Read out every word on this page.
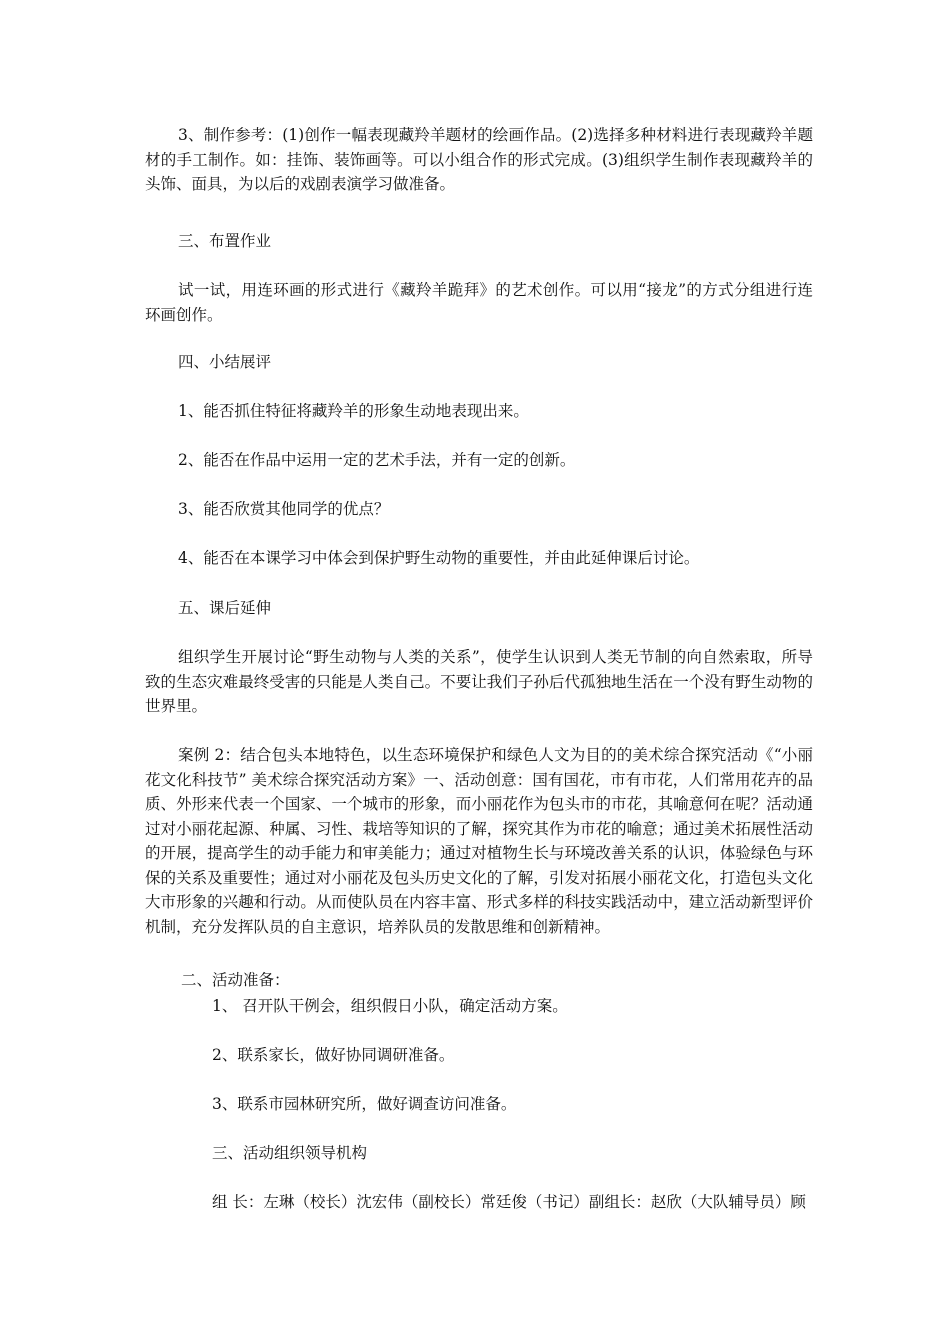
3、制作参考：(1)创作一幅表现藏羚羊题材的绘画作品。(2)选择多种材料进行表现藏羚羊题材的手工制作。如：挂饰、装饰画等。可以小组合作的形式完成。(3)组织学生制作表现藏羚羊的头饰、面具，为以后的戏剧表演学习做准备。

三、布置作业

试一试，用连环画的形式进行《藏羚羊跪拜》的艺术创作。可以用“接龙”的方式分组进行连环画创作。

四、小结展评

1、能否抓住特征将藏羚羊的形象生动地表现出来。

2、能否在作品中运用一定的艺术手法，并有一定的创新。

3、能否欣赏其他同学的优点？

4、能否在本课学习中体会到保护野生动物的重要性，并由此延伸课后讨论。

五、课后延伸

组织学生开展讨论“野生动物与人类的关系”，使学生认识到人类无节制的向自然索取，所导致的生态灾难最终受害的只能是人类自己。不要让我们子孙后代孤独地生活在一个没有野生动物的世界里。

案例 2：结合包头本地特色，以生态环境保护和绿色人文为目的的美术综合探究活动《“小丽花文化科技节” 美术综合探究活动方案》一、活动创意：国有国花，市有市花，人们常用花卉的品质、外形来代表一个国家、一个城市的形象，而小丽花作为包头市的市花，其喻意何在呢？活动通过对小丽花起源、种属、习性、栽培等知识的了解，探究其作为市花的喻意；通过美术拓展性活动的开展，提高学生的动手能力和审美能力；通过对植物生长与环境改善关系的认识，体验绿色与环保的关系及重要性；通过对小丽花及包头历史文化的了解，引发对拓展小丽花文化，打造包头文化大市形象的兴趣和行动。从而使队员在内容丰富、形式多样的科技实践活动中，建立活动新型评价机制，充分发挥队员的自主意识，培养队员的发散思维和创新精神。

二、活动准备：

1、 召开队干例会，组织假日小队，确定活动方案。

2、联系家长，做好协同调研准备。

3、联系市园林研究所，做好调查访问准备。

三、活动组织领导机构

组 长：左琳（校长）沈宏伟（副校长）常廷俊（书记）副组长：赵欣（大队辅导员）顾
